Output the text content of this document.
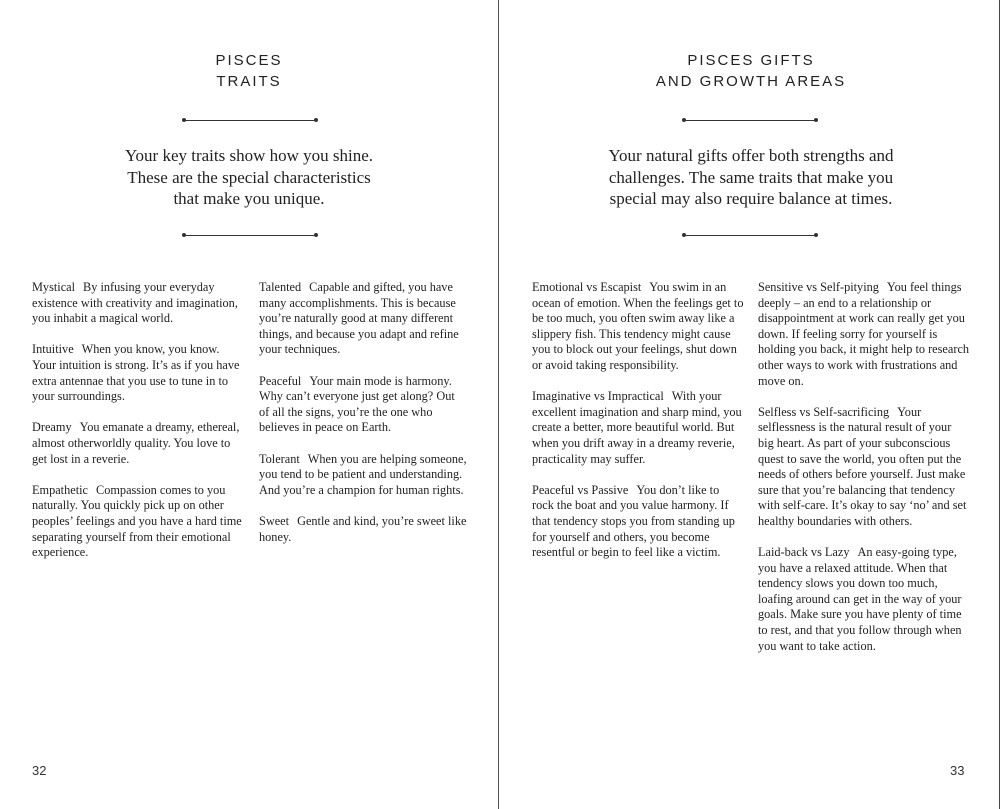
PISCES
TRAITS
Your key traits show how you shine.
These are the special characteristics
that make you unique.

Mystical By infusing your everyday existence with creativity and imagination, you inhabit a magical world.

Intuitive When you know, you know. Your intuition is strong. It’s as if you have extra antennae that you use to tune in to your surroundings.

Dreamy You emanate a dreamy, ethereal, almost otherworldly quality. You love to get lost in a reverie.

Empathetic Compassion comes to you naturally. You quickly pick up on other peoples’ feelings and you have a hard time separating yourself from their emotional experience.

Talented Capable and gifted, you have many accomplishments. This is because you’re naturally good at many different things, and because you adapt and refine your techniques.

Peaceful Your main mode is harmony. Why can’t everyone just get along? Out of all the signs, you’re the one who believes in peace on Earth.

Tolerant When you are helping someone, you tend to be patient and understanding. And you’re a champion for human rights.

Sweet Gentle and kind, you’re sweet like honey.

32
PISCES GIFTS
AND GROWTH AREAS
Your natural gifts offer both strengths and
challenges. The same traits that make you
special may also require balance at times.

Emotional vs Escapist You swim in an ocean of emotion. When the feelings get to be too much, you often swim away like a slippery fish. This tendency might cause you to block out your feelings, shut down or avoid taking responsibility.

Imaginative vs Impractical With your excellent imagination and sharp mind, you create a better, more beautiful world. But when you drift away in a dreamy reverie, practicality may suffer.

Peaceful vs Passive You don’t like to rock the boat and you value harmony. If that tendency stops you from standing up for yourself and others, you become resentful or begin to feel like a victim.

Sensitive vs Self-pitying You feel things deeply – an end to a relationship or disappointment at work can really get you down. If feeling sorry for yourself is holding you back, it might help to research other ways to work with frustrations and move on.

Selfless vs Self-sacrificing Your selflessness is the natural result of your big heart. As part of your subconscious quest to save the world, you often put the needs of others before yourself. Just make sure that you’re balancing that tendency with self-care. It’s okay to say ‘no’ and set healthy boundaries with others.

Laid-back vs Lazy An easy-going type, you have a relaxed attitude. When that tendency slows you down too much, loafing around can get in the way of your goals. Make sure you have plenty of time to rest, and that you follow through when you want to take action.

33
